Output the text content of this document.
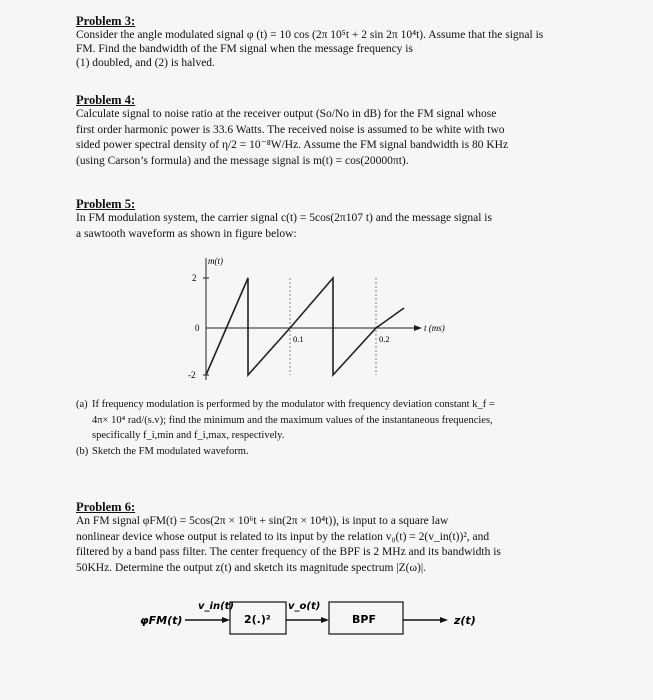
Problem 3:

Consider the angle modulated signal φ (t) = 10 cos (2π 10⁵t + 2 sin 2π 10⁴t). Assume that the signal is

FM. Find the bandwidth of the FM signal when the message frequency is

(1) doubled, and (2) is halved.

Problem 4:

Calculate signal to noise ratio at the receiver output (So/No in dB) for the FM signal whose

first order harmonic power is 33.6 Watts. The received noise is assumed to be white with two

sided power spectral density of η/2 = 10⁻⁸W/Hz. Assume the FM signal bandwidth is 80 KHz

(using Carson’s formula) and the message signal is m(t) = cos(20000πt).

Problem 5:

In FM modulation system, the carrier signal c(t) = 5cos(2π107 t) and the message signal is

a sawtooth waveform as shown in figure below:

m(t)
2
0
-2
0.1	0.2
t (ms)
(a) If frequency modulation is performed by the modulator with frequency deviation constant k_f =
4π× 10⁴ rad/(s.v); find the minimum and the maximum values of the instantaneous frequencies,
specifically f_i,min and f_i,max, respectively.
(b) Sketch the FM modulated waveform.

Problem 6:

An FM signal φFM(t) = 5cos(2π × 10⁶t + sin(2π × 10⁴t)), is input to a square law

nonlinear device whose output is related to its input by the relation v₀(t) = 2(v_in(t))², and

filtered by a band pass filter. The center frequency of the BPF is 2 MHz and its bandwidth is

50KHz. Determine the output z(t) and sketch its magnitude spectrum |Z(ω)|.

φFM(t)
v_in(t)
2(.)²
v_o(t)
BPF	z(t)
